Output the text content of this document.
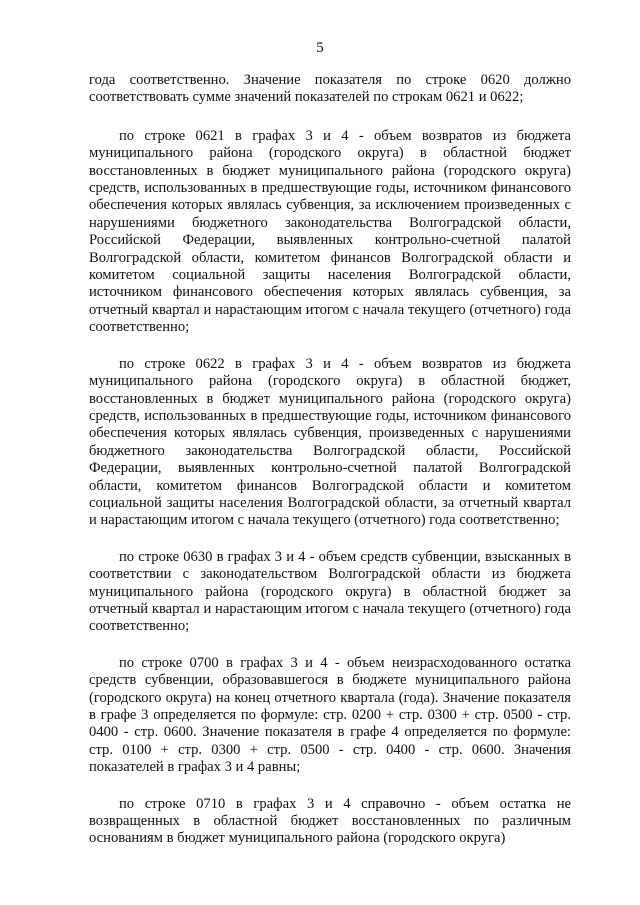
5

года соответственно. Значение показателя по строке 0620 должно соответствовать сумме значений показателей по строкам 0621 и 0622;

по строке 0621 в графах 3 и 4 - объем возвратов из бюджета муниципального района (городского округа) в областной бюджет восстановленных в бюджет муниципального района (городского округа) средств, использованных в предшествующие годы, источником финансового обеспечения которых являлась субвенция, за исключением произведенных с нарушениями бюджетного законодательства Волгоградской области, Российской Федерации, выявленных контрольно-счетной палатой Волгоградской области, комитетом финансов Волгоградской области и комитетом социальной защиты населения Волгоградской области, источником финансового обеспечения которых являлась субвенция, за отчетный квартал и нарастающим итогом с начала текущего (отчетного) года соответственно;

по строке 0622 в графах 3 и 4 - объем возвратов из бюджета муниципального района (городского округа) в областной бюджет, восстановленных в бюджет муниципального района (городского округа) средств, использованных в предшествующие годы, источником финансового обеспечения которых являлась субвенция, произведенных с нарушениями бюджетного законодательства Волгоградской области, Российской Федерации, выявленных контрольно-счетной палатой Волгоградской области, комитетом финансов Волгоградской области и комитетом социальной защиты населения Волгоградской области, за отчетный квартал и нарастающим итогом с начала текущего (отчетного) года соответственно;

по строке 0630 в графах 3 и 4 - объем средств субвенции, взысканных в соответствии с законодательством Волгоградской области из бюджета муниципального района (городского округа) в областной бюджет за отчетный квартал и нарастающим итогом с начала текущего (отчетного) года соответственно;

по строке 0700 в графах 3 и 4 - объем неизрасходованного остатка средств субвенции, образовавшегося в бюджете муниципального района (городского округа) на конец отчетного квартала (года). Значение показателя в графе 3 определяется по формуле: стр. 0200 + стр. 0300 + стр. 0500 - стр. 0400 - стр. 0600. Значение показателя в графе 4 определяется по формуле: стр. 0100 + стр. 0300 + стр. 0500 - стр. 0400 - стр. 0600. Значения показателей в графах 3 и 4 равны;

по строке 0710 в графах 3 и 4 справочно - объем остатка не возвращенных в областной бюджет восстановленных по различным основаниям в бюджет муниципального района (городского округа)
